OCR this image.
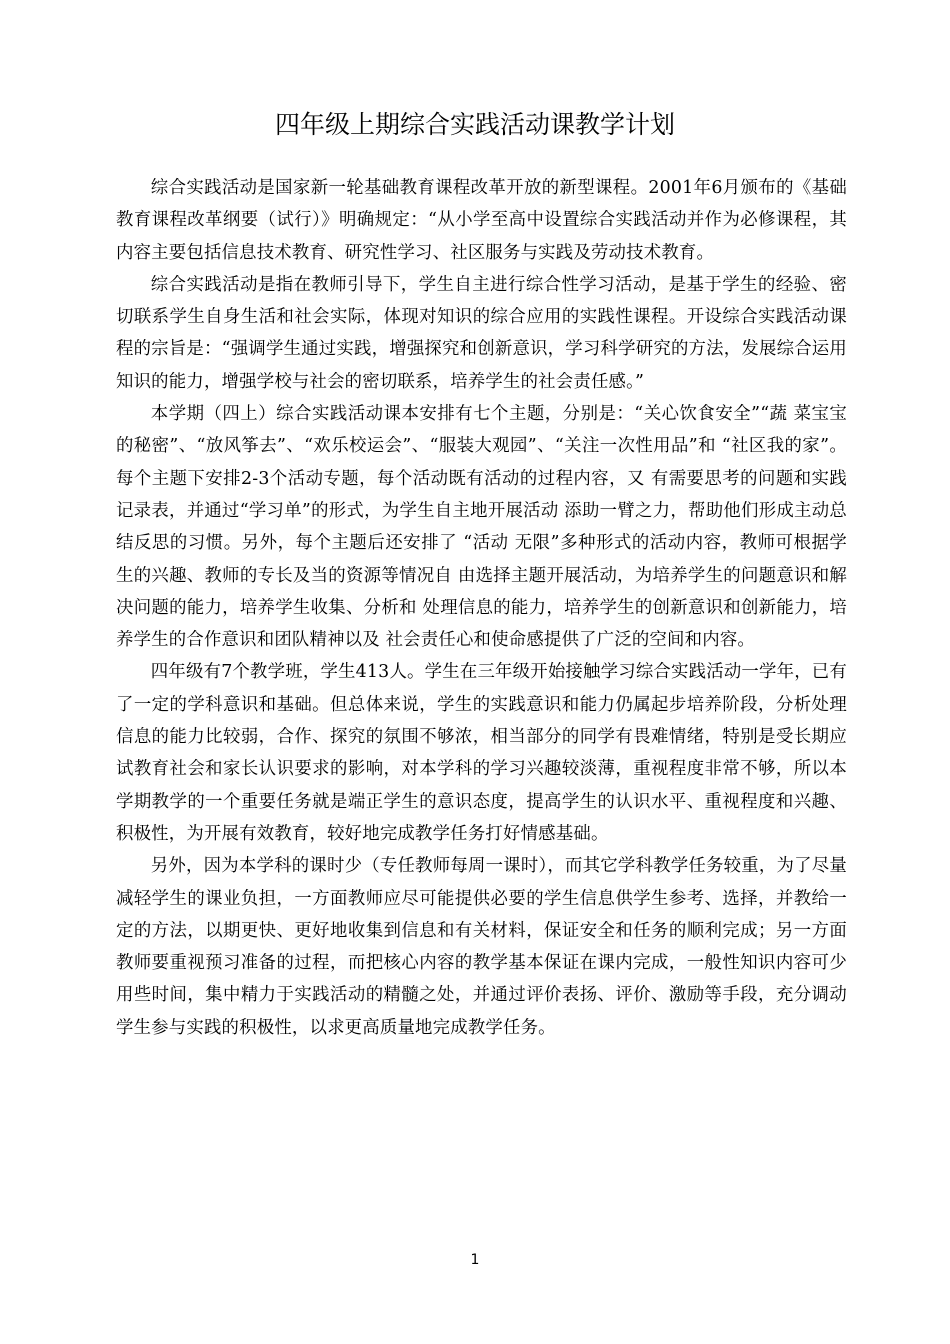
四年级上期综合实践活动课教学计划

综合实践活动是国家新一轮基础教育课程改革开放的新型课程。2001年6月颁布的《基础教育课程改革纲要（试行）》明确规定：“从小学至高中设置综合实践活动并作为必修课程，其内容主要包括信息技术教育、研究性学习、社区服务与实践及劳动技术教育。

综合实践活动是指在教师引导下，学生自主进行综合性学习活动，是基于学生的经验、密切联系学生自身生活和社会实际，体现对知识的综合应用的实践性课程。开设综合实践活动课程的宗旨是：“强调学生通过实践，增强探究和创新意识，学习科学研究的方法，发展综合运用知识的能力，增强学校与社会的密切联系，培养学生的社会责任感。”

本学期（四上）综合实践活动课本安排有七个主题，分别是：“关心饮食安全”“蔬 菜宝宝的秘密”、“放风筝去”、“欢乐校运会”、“服装大观园”、“关注一次性用品”和 “社区我的家”。每个主题下安排2-3个活动专题，每个活动既有活动的过程内容，又 有需要思考的问题和实践记录表，并通过“学习单”的形式，为学生自主地开展活动 添助一臂之力，帮助他们形成主动总结反思的习惯。另外，每个主题后还安排了 “活动 无限”多种形式的活动内容，教师可根据学生的兴趣、教师的专长及当的资源等情况自 由选择主题开展活动，为培养学生的问题意识和解决问题的能力，培养学生收集、分析和 处理信息的能力，培养学生的创新意识和创新能力，培养学生的合作意识和团队精神以及 社会责任心和使命感提供了广泛的空间和内容。

四年级有7个教学班，学生413人。学生在三年级开始接触学习综合实践活动一学年，已有了一定的学科意识和基础。但总体来说，学生的实践意识和能力仍属起步培养阶段，分析处理信息的能力比较弱，合作、探究的氛围不够浓，相当部分的同学有畏难情绪，特别是受长期应试教育社会和家长认识要求的影响，对本学科的学习兴趣较淡薄，重视程度非常不够，所以本学期教学的一个重要任务就是端正学生的意识态度，提高学生的认识水平、重视程度和兴趣、积极性，为开展有效教育，较好地完成教学任务打好情感基础。

另外，因为本学科的课时少（专任教师每周一课时），而其它学科教学任务较重，为了尽量减轻学生的课业负担，一方面教师应尽可能提供必要的学生信息供学生参考、选择，并教给一定的方法，以期更快、更好地收集到信息和有关材料，保证安全和任务的顺利完成；另一方面教师要重视预习准备的过程，而把核心内容的教学基本保证在课内完成，一般性知识内容可少用些时间，集中精力于实践活动的精髓之处，并通过评价表扬、评价、激励等手段，充分调动学生参与实践的积极性，以求更高质量地完成教学任务。

1
